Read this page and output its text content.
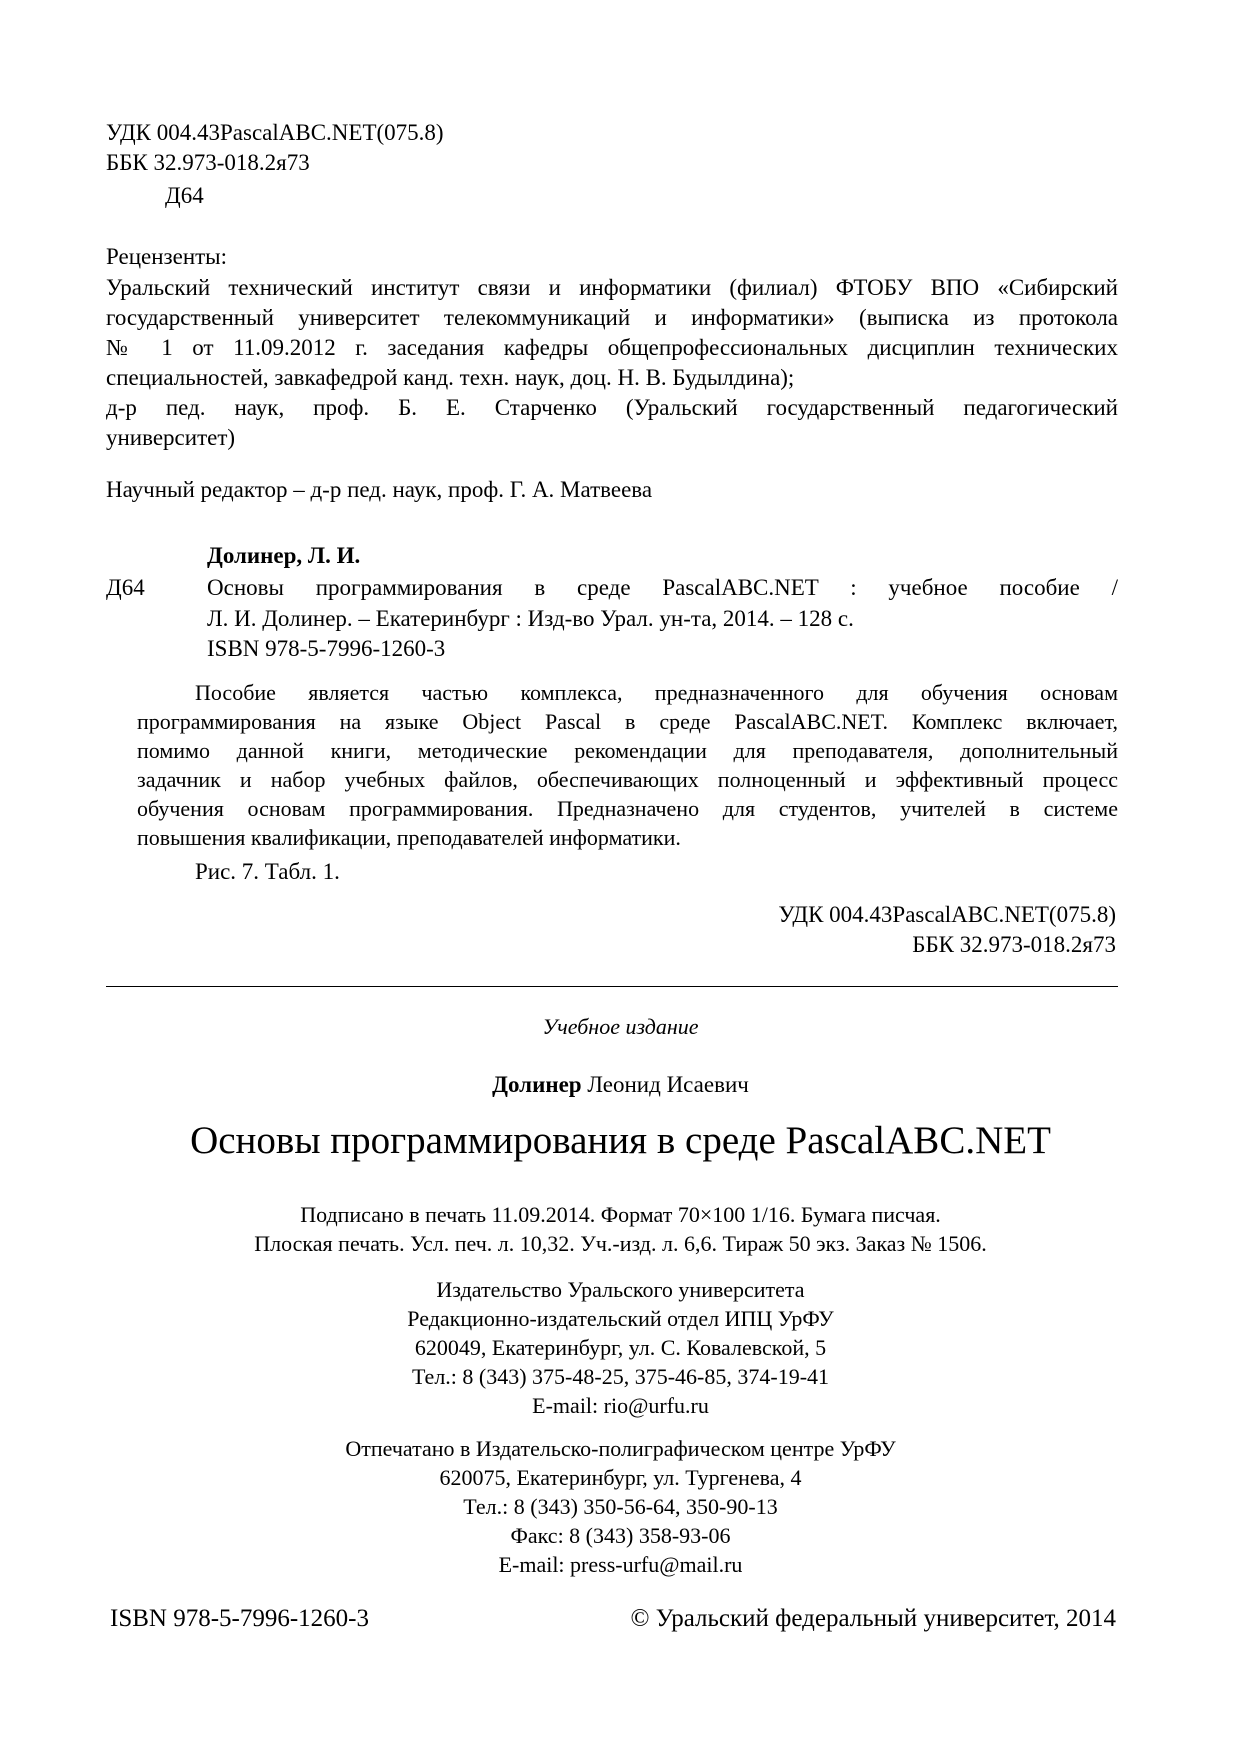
УДК 004.43PascalABC.NET(075.8)
ББК 32.973-018.2я73
Д64
Рецензенты:
Уральский технический институт связи и информатики (филиал) ФТОБУ ВПО «Сибирский
государственный университет телекоммуникаций и информатики» (выписка из протокола
№ 1 от 11.09.2012 г. заседания кафедры общепрофессиональных дисциплин технических
специальностей, завкафедрой канд. техн. наук, доц. Н. В. Будылдина);
д-р пед. наук, проф. Б. Е. Старченко (Уральский государственный педагогический
университет)
Научный редактор – д-р пед. наук, проф. Г. А. Матвеева
Долинер, Л. И.
Д64	Основы программирования в среде PascalABC.NET : учебное пособие /
Л. И. Долинер. – Екатеринбург : Изд-во Урал. ун-та, 2014. – 128 с.
ISBN 978-5-7996-1260-3
Пособие является частью комплекса, предназначенного для обучения основам
программирования на языке Object Pascal в среде PascalABC.NET. Комплекс включает,
помимо данной книги, методические рекомендации для преподавателя, дополнительный
задачник и набор учебных файлов, обеспечивающих полноценный и эффективный процесс
обучения основам программирования. Предназначено для студентов, учителей в системе
повышения квалификации, преподавателей информатики.
Рис. 7. Табл. 1.
УДК 004.43PascalABC.NET(075.8)
ББК 32.973-018.2я73
Учебное издание
Долинер Леонид Исаевич
Основы программирования в среде PascalABC.NET
Подписано в печать 11.09.2014. Формат 70×100 1/16. Бумага писчая.
Плоская печать. Усл. печ. л. 10,32. Уч.-изд. л. 6,6. Тираж 50 экз. Заказ № 1506.
Издательство Уральского университета
Редакционно-издательский отдел ИПЦ УрФУ
620049, Екатеринбург, ул. С. Ковалевской, 5
Тел.: 8 (343) 375-48-25, 375-46-85, 374-19-41
E-mail: rio@urfu.ru
Отпечатано в Издательско-полиграфическом центре УрФУ
620075, Екатеринбург, ул. Тургенева, 4
Тел.: 8 (343) 350-56-64, 350-90-13
Факс: 8 (343) 358-93-06
E-mail: press-urfu@mail.ru
ISBN 978-5-7996-1260-3	© Уральский федеральный университет, 2014
